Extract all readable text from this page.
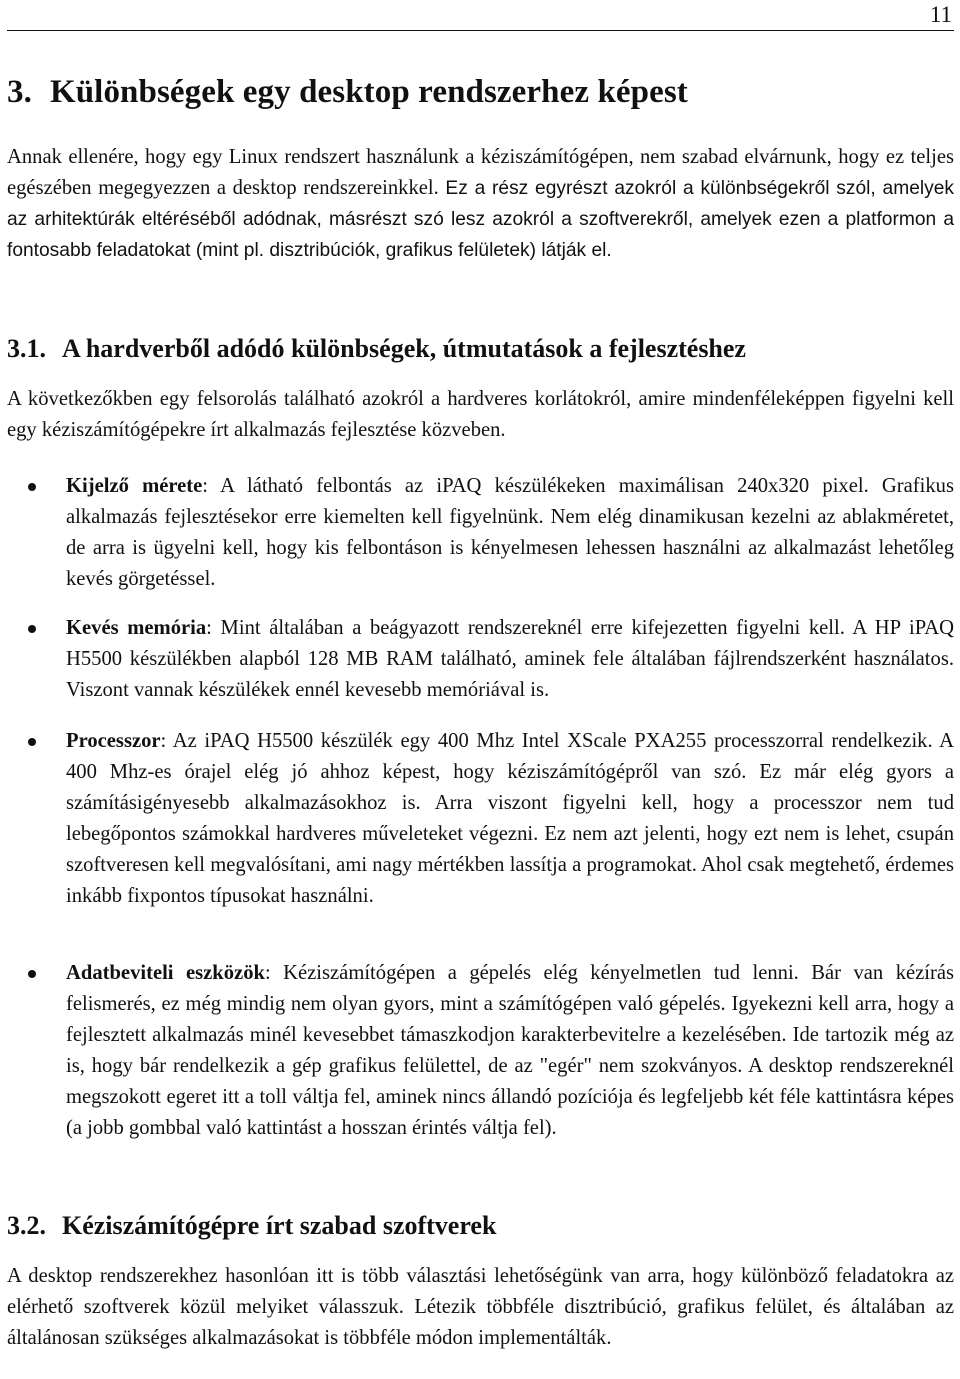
11
3. Különbségek egy desktop rendszerhez képest

Annak ellenére, hogy egy Linux rendszert használunk a kéziszámítógépen, nem szabad elvárnunk, hogy ez teljes egészében megegyezzen a desktop rendszereinkkel. Ez a rész egyrészt azokról a különbségekről szól, amelyek az arhitektúrák eltéréséből adódnak, másrészt szó lesz azokról a szoftverekről, amelyek ezen a platformon a fontosabb feladatokat (mint pl. disztribúciók, grafikus felületek) látják el.

3.1. A hardverből adódó különbségek, útmutatások a fejlesztéshez

A következőkben egy felsorolás található azokról a hardveres korlátokról, amire mindenféleképpen figyelni kell egy kéziszámítógépekre írt alkalmazás fejlesztése közveben.

Kijelző mérete: A látható felbontás az iPAQ készülékeken maximálisan 240x320 pixel. Grafikus alkalmazás fejlesztésekor erre kiemelten kell figyelnünk. Nem elég dinamikusan kezelni az ablakméretet, de arra is ügyelni kell, hogy kis felbontáson is kényelmesen lehessen használni az alkalmazást lehetőleg kevés görgetéssel.
Kevés memória: Mint általában a beágyazott rendszereknél erre kifejezetten figyelni kell. A HP iPAQ H5500 készülékben alapból 128 MB RAM található, aminek fele általában fájlrendszerként használatos. Viszont vannak készülékek ennél kevesebb memóriával is.
Processzor: Az iPAQ H5500 készülék egy 400 Mhz Intel XScale PXA255 processzorral rendelkezik. A 400 Mhz-es órajel elég jó ahhoz képest, hogy kéziszámítógépről van szó. Ez már elég gyors a számításigényesebb alkalmazásokhoz is. Arra viszont figyelni kell, hogy a processzor nem tud lebegőpontos számokkal hardveres műveleteket végezni. Ez nem azt jelenti, hogy ezt nem is lehet, csupán szoftveresen kell megvalósítani, ami nagy mértékben lassítja a programokat. Ahol csak megtehető, érdemes inkább fixpontos típusokat használni.
Adatbeviteli eszközök: Kéziszámítógépen a gépelés elég kényelmetlen tud lenni. Bár van kézírás felismerés, ez még mindig nem olyan gyors, mint a számítógépen való gépelés. Igyekezni kell arra, hogy a fejlesztett alkalmazás minél kevesebbet támaszkodjon karakterbevitelre a kezelésében. Ide tartozik még az is, hogy bár rendelkezik a gép grafikus felülettel, de az "egér" nem szokványos. A desktop rendszereknél megszokott egeret itt a toll váltja fel, aminek nincs állandó pozíciója és legfeljebb két féle kattintásra képes (a jobb gombbal való kattintást a hosszan érintés váltja fel).
3.2. Kéziszámítógépre írt szabad szoftverek

A desktop rendszerekhez hasonlóan itt is több választási lehetőségünk van arra, hogy különböző feladatokra az elérhető szoftverek közül melyiket válasszuk. Létezik többféle disztribúció, grafikus felület, és általában az általánosan szükséges alkalmazásokat is többféle módon implementálták.
